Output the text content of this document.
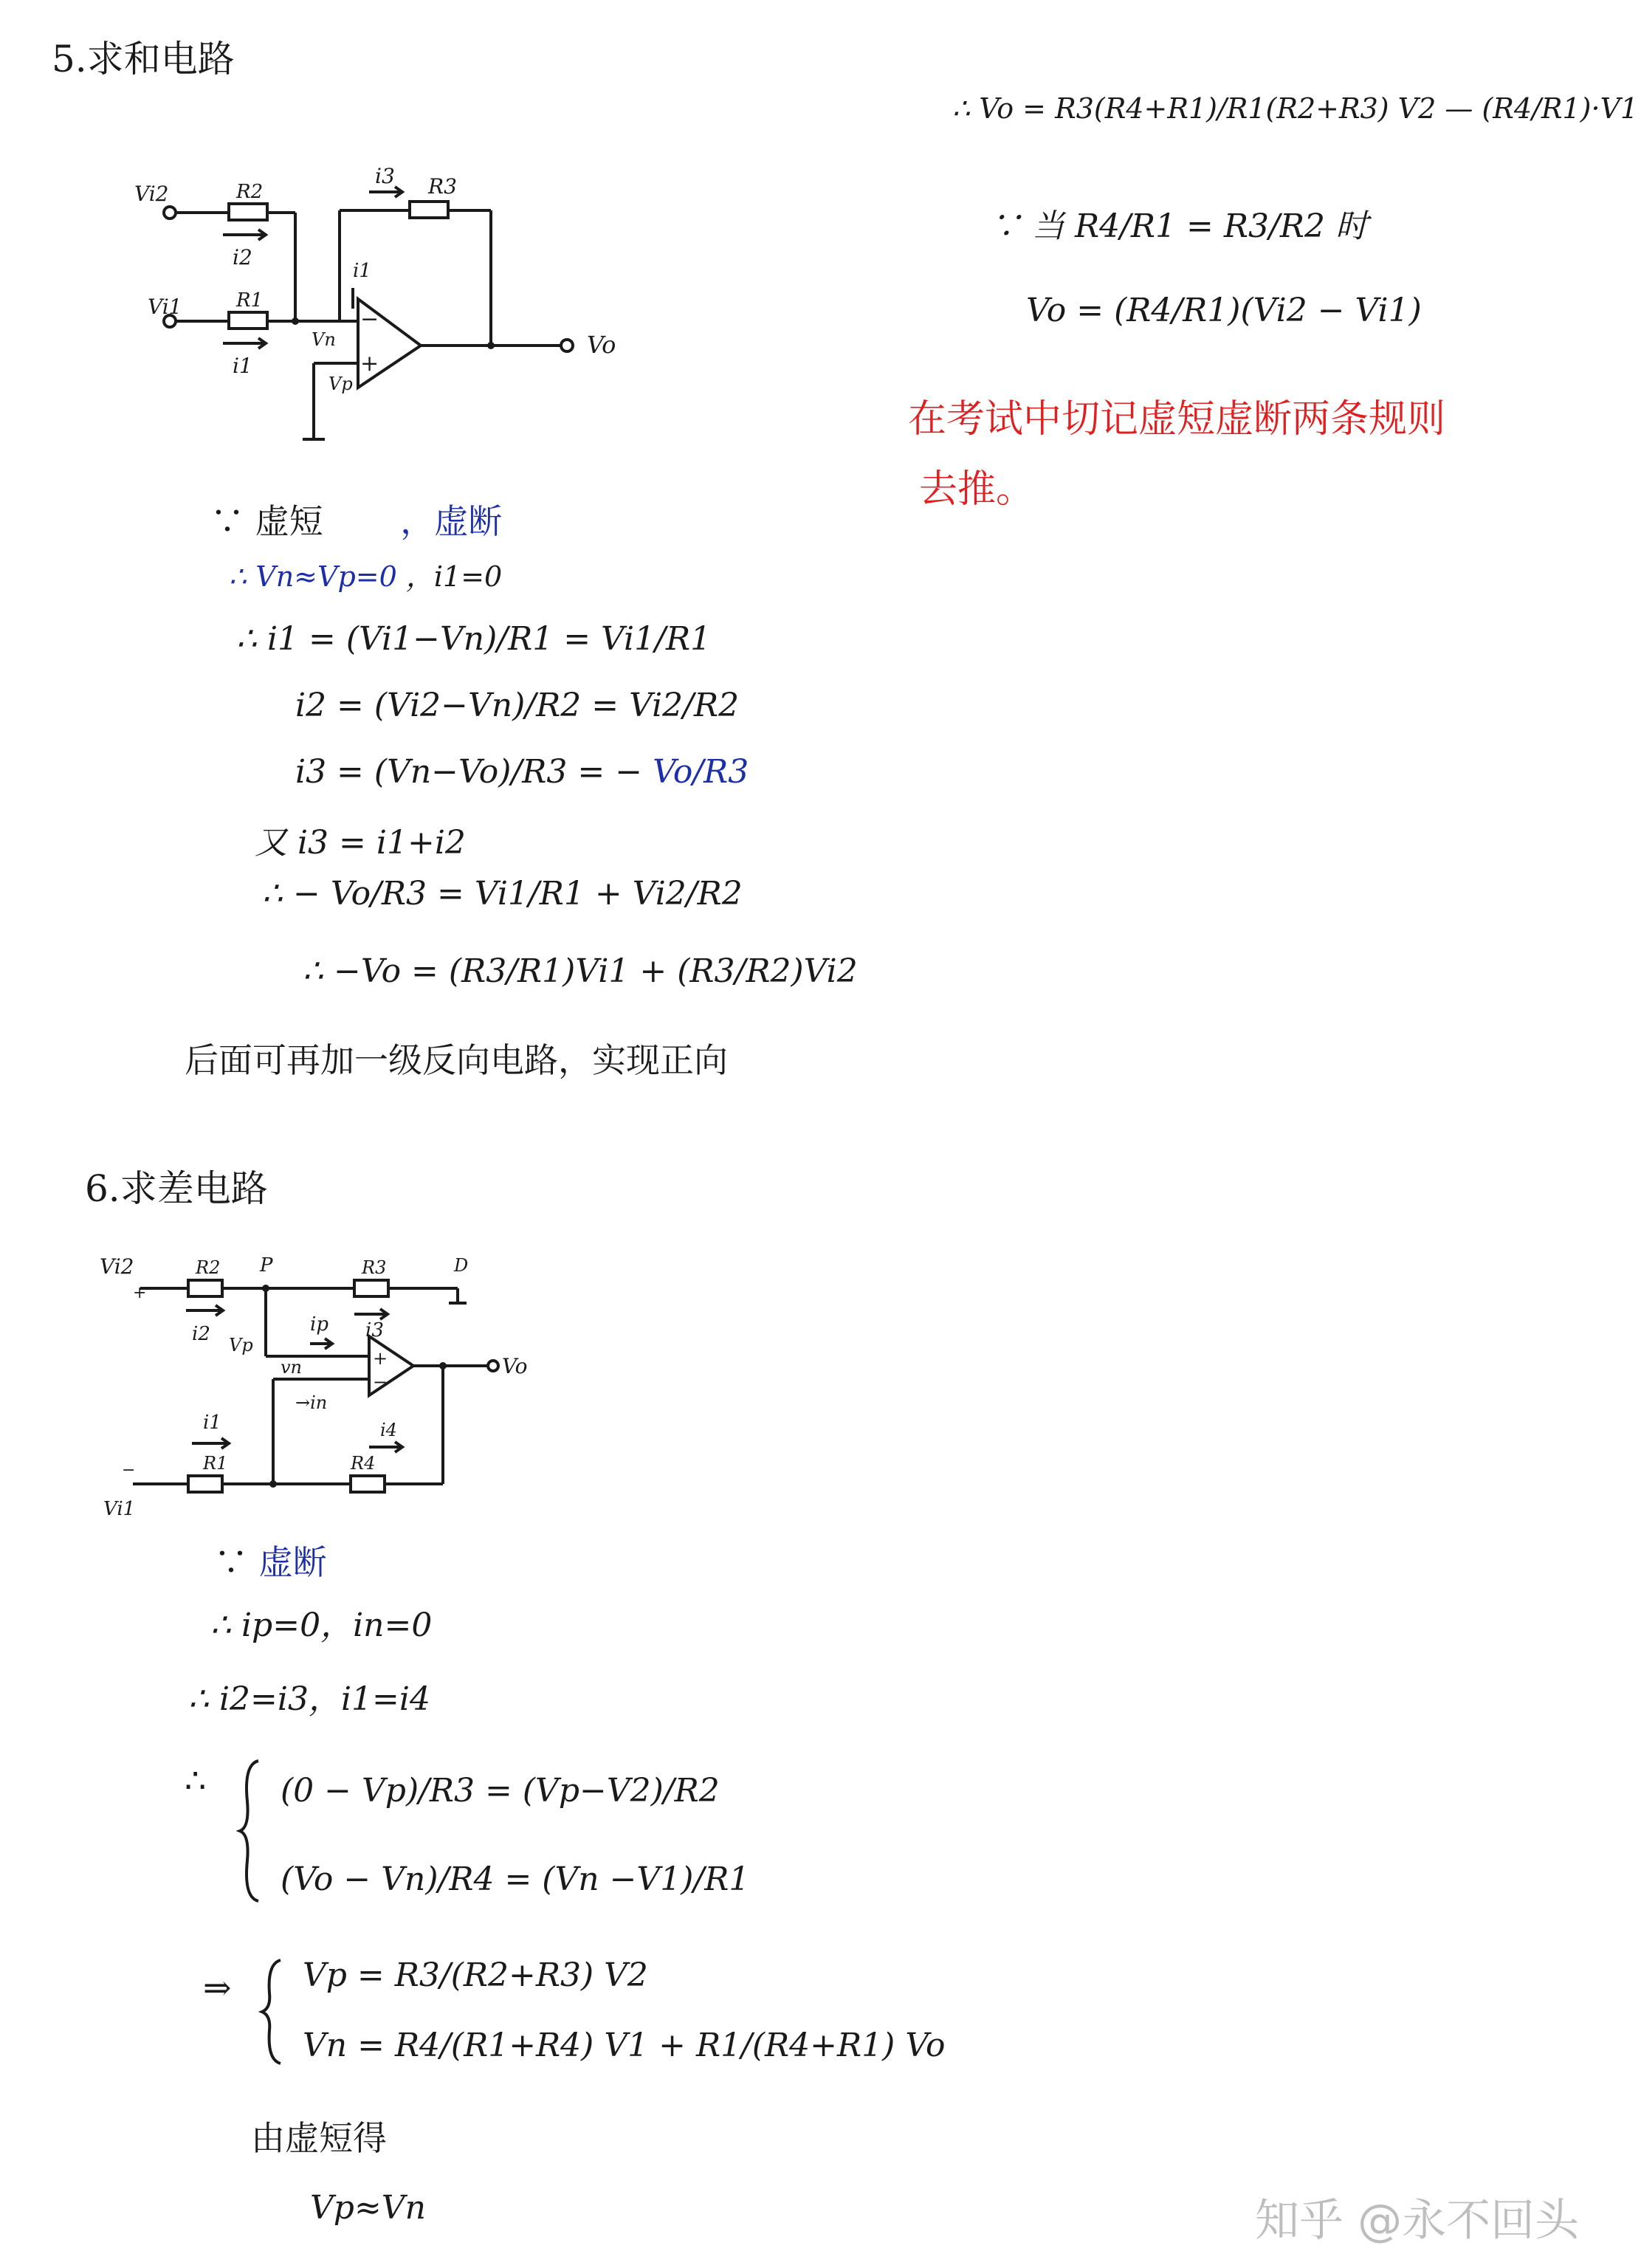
5.求和电路
−
+
Vi2
Vi1
R2
R1
R3
i2
i1
i3
i1
Vn
Vp
Vo
∵ 虚短 ，虚断
∴ Vn≈Vp=0 ，i1=0
∴ i1 = (Vi1−Vn)/R1 = Vi1/R1
i2 = (Vi2−Vn)/R2 = Vi2/R2
i3 = (Vn−Vo)/R3 = − Vo/R3
又 i3 = i1+i2
∴ − Vo/R3 = Vi1/R1 + Vi2/R2
∴ −Vo = (R3/R1)Vi1 + (R3/R2)Vi2
后面可再加一级反向电路，实现正向
6.求差电路
+
−
Vi2
+
−
Vi1
R2 P	R3	D
i2 Vp
ip i3
vn
i1
→in
R1
i4
R4
Vo
∵ 虚断
∴ ip=0，in=0
∴ i2=i3，i1=i4
∴ (0 − Vp)/R3 = (Vp−V2)/R2
(Vo − Vn)/R4 = (Vn −V1)/R1
⇒ Vp = R3/(R2+R3) V2
Vn = R4/(R1+R4) V1 + R1/(R4+R1) Vo
由虚短得
Vp≈Vn
∴ Vo = R3(R4+R1)/R1(R2+R3) V2 — (R4/R1)·V1
∵ 当 R4/R1 = R3/R2 时
Vo = (R4/R1)(Vi2 − Vi1)
在考试中切记虚短虚断两条规则
去推。
知乎 @永不回头
